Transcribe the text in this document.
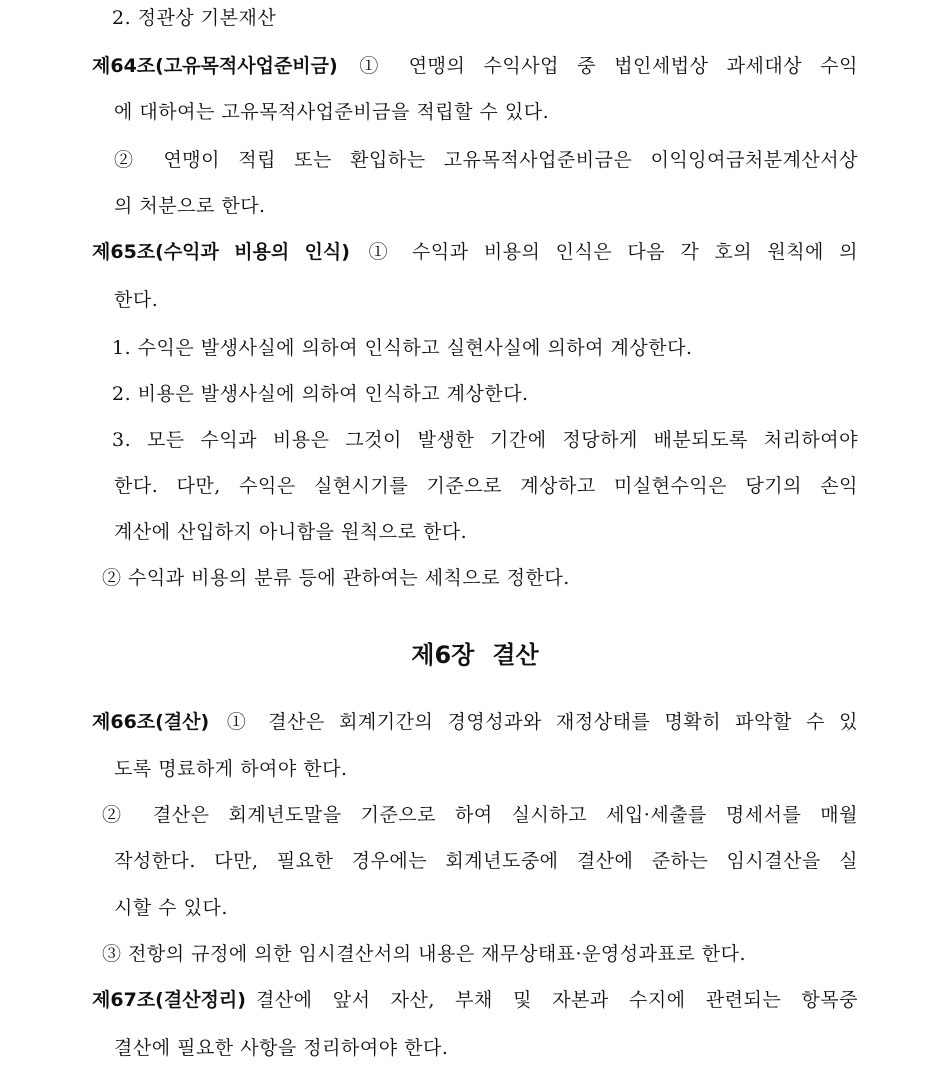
2. 정관상 기본재산
제64조(고유목적사업준비금) ① 연맹의 수익사업 중 법인세법상 과세대상 수익
에 대하여는 고유목적사업준비금을 적립할 수 있다.
② 연맹이 적립 또는 환입하는 고유목적사업준비금은 이익잉여금처분계산서상
의 처분으로 한다.
제65조(수익과 비용의 인식) ① 수익과 비용의 인식은 다음 각 호의 원칙에 의
한다.
1. 수익은 발생사실에 의하여 인식하고 실현사실에 의하여 계상한다.
2. 비용은 발생사실에 의하여 인식하고 계상한다.
3. 모든 수익과 비용은 그것이 발생한 기간에 정당하게 배분되도록 처리하여야
한다. 다만, 수익은 실현시기를 기준으로 계상하고 미실현수익은 당기의 손익
계산에 산입하지 아니함을 원칙으로 한다.
② 수익과 비용의 분류 등에 관하여는 세칙으로 정한다.
제6장 결산
제66조(결산) ① 결산은 회계기간의 경영성과와 재정상태를 명확히 파악할 수 있
도록 명료하게 하여야 한다.
② 결산은 회계년도말을 기준으로 하여 실시하고 세입·세출를 명세서를 매월
작성한다. 다만, 필요한 경우에는 회계년도중에 결산에 준하는 임시결산을 실
시할 수 있다.
③ 전항의 규정에 의한 임시결산서의 내용은 재무상태표·운영성과표로 한다.
제67조(결산정리) 결산에 앞서 자산, 부채 및 자본과 수지에 관련되는 항목중
결산에 필요한 사항을 정리하여야 한다.
